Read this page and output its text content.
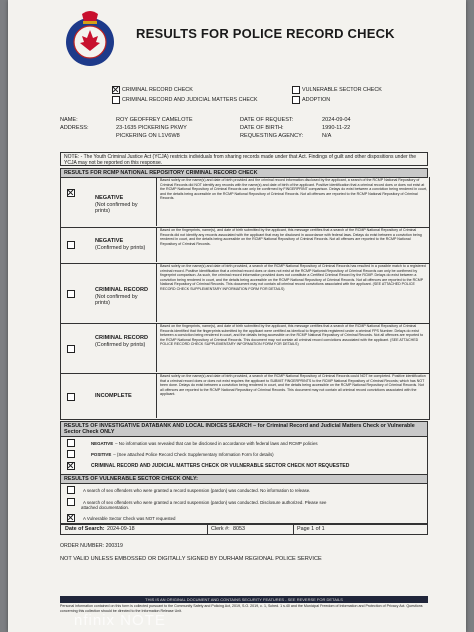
RESULTS FOR POLICE RECORD CHECK
CRIMINAL RECORD CHECK
CRIMINAL RECORD AND JUDICIAL MATTERS CHECK
VULNERABLE SECTOR CHECK
ADOPTION
NAME:
ADDRESS:
ROY GEOFFREY CAMELOTE
23-1635 PICKERING PKWY
PICKERING ON L1V6W8
DATE OF REQUEST:
DATE OF BIRTH:
REQUESTING AGENCY:
2024-09-04
1990-11-22
N/A
NOTE: - The Youth Criminal Justice Act (YCJA) restricts individuals from sharing records made under that Act. Findings of guilt and other dispositions under the YCJA may not be reported on this response.
RESULTS FOR RCMP NATIONAL REPOSITORY CRIMINAL RECORD CHECK
NEGATIVE
(Not confirmed by prints)
Based solely on the name(s) and date of birth provided and the criminal record information disclosed by the applicant, a search of the RCMP National Repository of Criminal Records did NOT identify any records with the name(s) and date of birth of the applicant. Positive identification that a criminal record does or does not exist at the RCMP National Repository of Criminal Records can only be confirmed by FINGERPRINT comparison. Delays do exist between a conviction being rendered in court, and the details being accessible on the RCMP National Repository of Criminal Records. Not all offences are reported to the RCMP National Repository of Criminal Records.
NEGATIVE
(Confirmed by prints)
Based on the fingerprints, name(s), and date of birth submitted by the applicant, this message certifies that a search of the RCMP National Repository of Criminal Records did not identify any records associated with the applicant that may be disclosed in accordance with federal laws. Delays do exist between a conviction being rendered in court, and the details being accessible on the RCMP National Repository of Criminal Records. Not all offences are reported to the RCMP National Repository of Criminal Records.
CRIMINAL RECORD
(Not confirmed by prints)
Based solely on the name(s) and date of birth provided, a search of the RCMP National Repository of Criminal Records has resulted in a possible match to a registered criminal record. Positive identification that a criminal record does or does not exist at the RCMP National Repository of Criminal Records can only be confirmed by fingerprint comparison. As such, the criminal record information provided does not constitute a Certified Criminal Record by the RCMP. Delays do exist between a conviction being rendered in court, and the details being accessible on the RCMP National Repository of Criminal Records. Not all offences are reported to the RCMP National Repository of Criminal Records. This document may not contain all criminal record convictions associated with the applicant. (SEE ATTACHED POLICE RECORD CHECK SUPPLEMENTARY INFORMATION FORM FOR DETAILS)
CRIMINAL RECORD
(Confirmed by prints)
Based on the fingerprints, name(s), and date of birth submitted by the applicant, this message certifies that a search of the RCMP National Repository of Criminal Records identified that the fingerprints submitted by the applicant were certified as identical to fingerprints registered under a criminal FPS Number. Delays do exist between a conviction being rendered in court, and the details being accessible on the RCMP National Repository of Criminal Records. Not all offences are reported to the RCMP National Repository of Criminal Records. This document may not contain all criminal record convictions associated with the applicant. (SEE ATTACHED POLICE RECORD CHECK SUPPLEMENTARY INFORMATION FORM FOR DETAILS)
INCOMPLETE
Based solely on the name(s) and date of birth provided, a search of the RCMP National Repository of Criminal Records could NOT be completed. Positive identification that a criminal record does or does not exist requires the applicant to SUBMIT FINGERPRINTS to the RCMP National Repository of Criminal Records; which has NOT been done. Delays do exist between a conviction being rendered in court, and the details being accessible on the RCMP National Repository of Criminal Records. Not all offences are reported to the RCMP National Repository of Criminal Records. This document may not contain all criminal record convictions associated with the applicant.
RESULTS OF INVESTIGATIVE DATABANK AND LOCAL INDICES SEARCH – for Criminal Record and Judicial Matters Check or Vulnerable Sector Check ONLY
NEGATIVE – No information was revealed that can be disclosed in accordance with federal laws and RCMP policies
POSITIVE – (See attached Police Record Check Supplementary Information Form for details)
CRIMINAL RECORD AND JUDICIAL MATTERS CHECK OR VULNERABLE SECTOR CHECK NOT REQUESTED
RESULTS OF VULNERABLE SECTOR CHECK ONLY:
A search of sex offenders who were granted a record suspension (pardon) was conducted. No information to release.
A search of sex offenders who were granted a record suspension (pardon) was conducted. Disclosure authorized. Please see
attached documentation.
A Vulnerable Sector Check was NOT requested
Date of Search: 2024-09-18	Clerk #: 8053	Page 1 of 1
ORDER NUMBER: 200319
NOT VALID UNLESS EMBOSSED OR DIGITALLY SIGNED BY DURHAM REGIONAL POLICE SERVICE
THIS IS AN ORIGINAL DOCUMENT AND CONTAINS SECURITY FEATURES - SEE REVERSE FOR DETAILS
Personal information contained on this form is collected pursuant to the Community Safety and Policing Act, 2019, S.O. 2019, c. 1, Sched. 1 s.40 and the Municipal Freedom of Information and Protection of Privacy Act. Questions concerning this collection should be directed to the Information Release Unit.
nfinix NOTE
